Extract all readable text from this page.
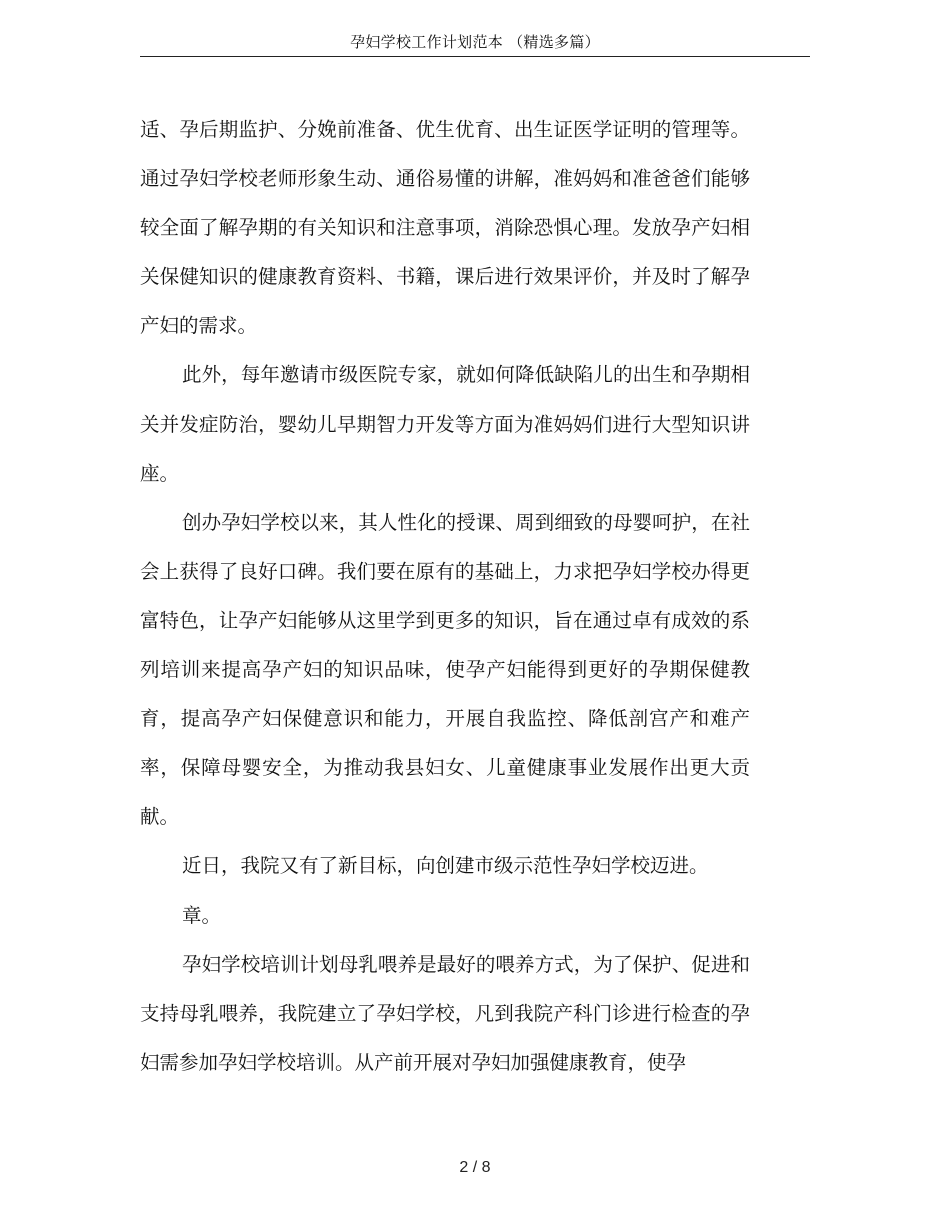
孕妇学校工作计划范本 （精选多篇）

适、孕后期监护、分娩前准备、优生优育、出生证医学证明的管理等。通过孕妇学校老师形象生动、通俗易懂的讲解，准妈妈和准爸爸们能够较全面了解孕期的有关知识和注意事项，消除恐惧心理。发放孕产妇相关保健知识的健康教育资料、书籍，课后进行效果评价，并及时了解孕产妇的需求。

此外，每年邀请市级医院专家，就如何降低缺陷儿的出生和孕期相关并发症防治，婴幼儿早期智力开发等方面为准妈妈们进行大型知识讲座。

创办孕妇学校以来，其人性化的授课、周到细致的母婴呵护，在社会上获得了良好口碑。我们要在原有的基础上，力求把孕妇学校办得更富特色，让孕产妇能够从这里学到更多的知识，旨在通过卓有成效的系列培训来提高孕产妇的知识品味，使孕产妇能得到更好的孕期保健教育，提高孕产妇保健意识和能力，开展自我监控、降低剖宫产和难产率，保障母婴安全，为推动我县妇女、儿童健康事业发展作出更大贡献。

近日，我院又有了新目标，向创建市级示范性孕妇学校迈进。

章。

孕妇学校培训计划母乳喂养是最好的喂养方式，为了保护、促进和支持母乳喂养，我院建立了孕妇学校，凡到我院产科门诊进行检查的孕妇需参加孕妇学校培训。从产前开展对孕妇加强健康教育，使孕

2 / 8
